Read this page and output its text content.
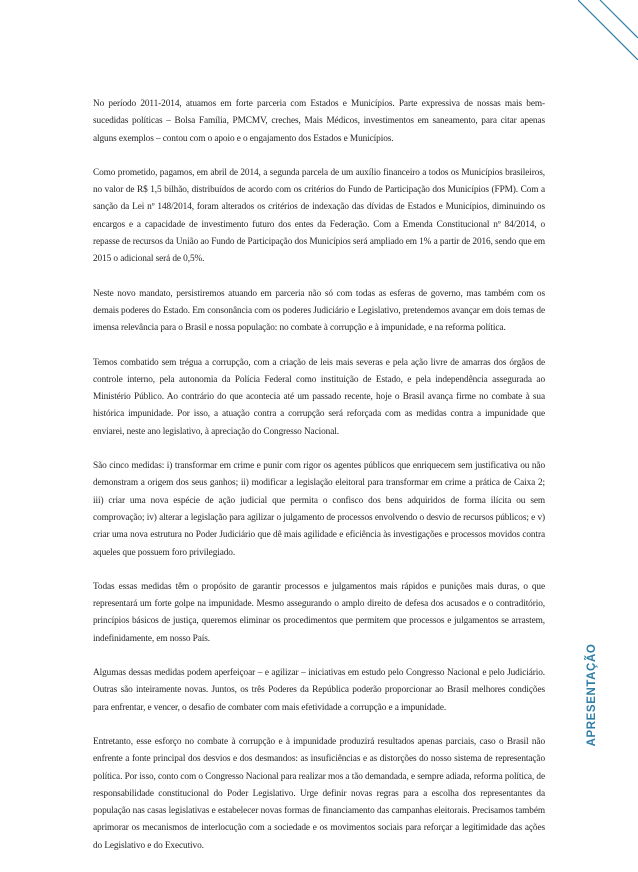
No período 2011-2014, atuamos em forte parceria com Estados e Municípios. Parte expressiva de nossas mais bem-sucedidas políticas – Bolsa Família, PMCMV, creches, Mais Médicos, investimentos em saneamento, para citar apenas alguns exemplos – contou com o apoio e o engajamento dos Estados e Municípios.

Como prometido, pagamos, em abril de 2014, a segunda parcela de um auxílio financeiro a todos os Municípios brasileiros, no valor de R$ 1,5 bilhão, distribuídos de acordo com os critérios do Fundo de Participação dos Municípios (FPM). Com a sanção da Lei nº 148/2014, foram alterados os critérios de indexação das dívidas de Estados e Municípios, diminuindo os encargos e a capacidade de investimento futuro dos entes da Federação. Com a Emenda Constitucional nº 84/2014, o repasse de recursos da União ao Fundo de Participação dos Municípios será ampliado em 1% a partir de 2016, sendo que em 2015 o adicional será de 0,5%.

Neste novo mandato, persistiremos atuando em parceria não só com todas as esferas de governo, mas também com os demais poderes do Estado. Em consonância com os poderes Judiciário e Legislativo, pretendemos avançar em dois temas de imensa relevância para o Brasil e nossa população: no combate à corrupção e à impunidade, e na reforma política.

Temos combatido sem trégua a corrupção, com a criação de leis mais severas e pela ação livre de amarras dos órgãos de controle interno, pela autonomia da Polícia Federal como instituição de Estado, e pela independência assegurada ao Ministério Público. Ao contrário do que acontecia até um passado recente, hoje o Brasil avança firme no combate à sua histórica impunidade. Por isso, a atuação contra a corrupção será reforçada com as medidas contra a impunidade que enviarei, neste ano legislativo, à apreciação do Congresso Nacional.

São cinco medidas: i) transformar em crime e punir com rigor os agentes públicos que enriquecem sem justificativa ou não demonstram a origem dos seus ganhos; ii) modificar a legislação eleitoral para transformar em crime a prática de Caixa 2; iii) criar uma nova espécie de ação judicial que permita o confisco dos bens adquiridos de forma ilícita ou sem comprovação; iv) alterar a legislação para agilizar o julgamento de processos envolvendo o desvio de recursos públicos; e v) criar uma nova estrutura no Poder Judiciário que dê mais agilidade e eficiência às investigações e processos movidos contra aqueles que possuem foro privilegiado.

Todas essas medidas têm o propósito de garantir processos e julgamentos mais rápidos e punições mais duras, o que representará um forte golpe na impunidade. Mesmo assegurando o amplo direito de defesa dos acusados e o contraditório, princípios básicos de justiça, queremos eliminar os procedimentos que permitem que processos e julgamentos se arrastem, indefinidamente, em nosso País.

Algumas dessas medidas podem aperfeiçoar – e agilizar – iniciativas em estudo pelo Congresso Nacional e pelo Judiciário. Outras são inteiramente novas. Juntos, os três Poderes da República poderão proporcionar ao Brasil melhores condições para enfrentar, e vencer, o desafio de combater com mais efetividade a corrupção e a impunidade.

Entretanto, esse esforço no combate à corrupção e à impunidade produzirá resultados apenas parciais, caso o Brasil não enfrente a fonte principal dos desvios e dos desmandos: as insuficiências e as distorções do nosso sistema de representação política. Por isso, conto com o Congresso Nacional para realizar mos a tão demandada, e sempre adiada, reforma política, de responsabilidade constitucional do Poder Legislativo. Urge definir novas regras para a escolha dos representantes da população nas casas legislativas e estabelecer novas formas de financiamento das campanhas eleitorais. Precisamos também aprimorar os mecanismos de interlocução com a sociedade e os movimentos sociais para reforçar a legitimidade das ações do Legislativo e do Executivo.

APRESENTAÇÃO
